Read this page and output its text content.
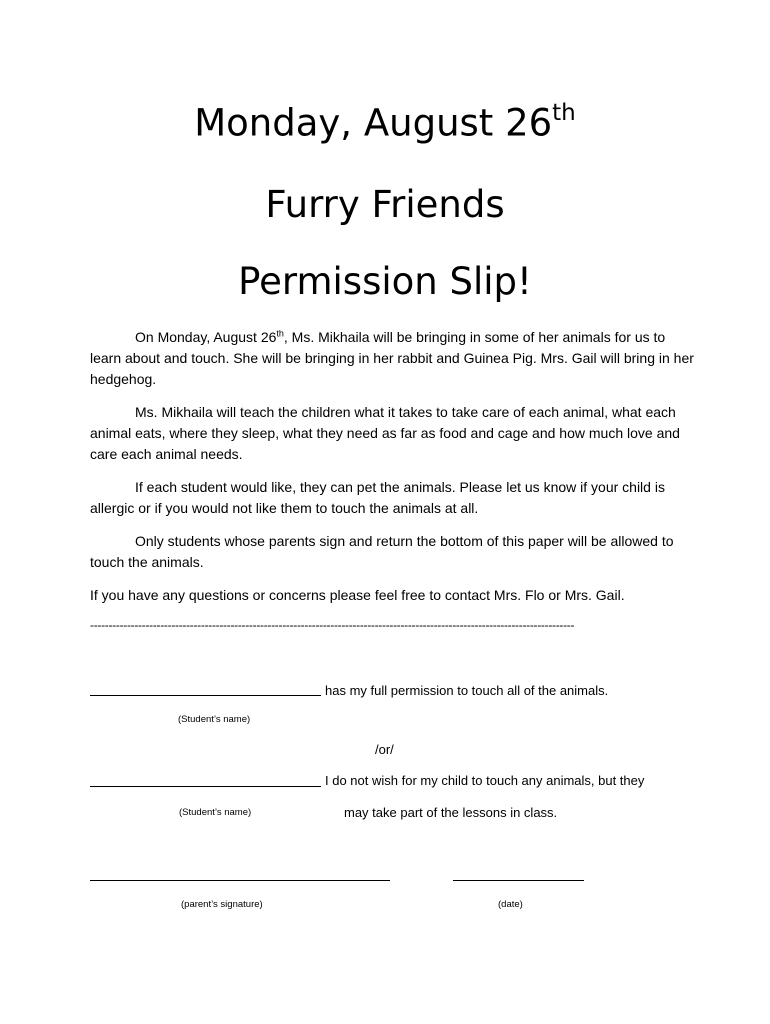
Monday, August 26th
Furry Friends
Permission Slip!

On Monday, August 26th, Ms. Mikhaila will be bringing in some of her animals for us to learn about and touch. She will be bringing in her rabbit and Guinea Pig. Mrs. Gail will bring in her hedgehog.

Ms. Mikhaila will teach the children what it takes to take care of each animal, what each animal eats, where they sleep, what they need as far as food and cage and how much love and care each animal needs.

If each student would like, they can pet the animals. Please let us know if your child is allergic or if you would not like them to touch the animals at all.

Only students whose parents sign and return the bottom of this paper will be allowed to touch the animals.

If you have any questions or concerns please feel free to contact Mrs. Flo or Mrs. Gail.

-----------------------------------------------------------------------------------------------------------------------------------
has my full permission to touch all of the animals.
(Student’s name)
/or/
I do not wish for my child to touch any animals, but they
(Student’s name)	may take part of the lessons in class.
(parent’s signature)	(date)
